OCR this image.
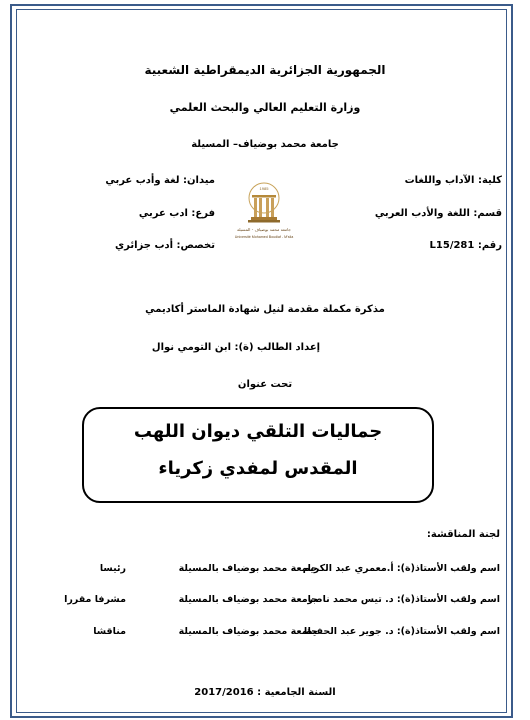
الجمهورية الجزائرية الديمقراطية الشعبية
وزارة التعليم العالي والبحث العلمي
جامعة محمد بوضياف– المسيلة
كلية: الآداب واللغات
قسم: اللغة والأدب العربي
رقم: L15/281
ميدان: لغة وأدب عربي
فرع: ادب عربي
تخصص: أدب جزائري
1985
جامعة محمد بوضياف - المسيلة
Université Mohamed Boudiaf - M'sila
مذكرة مكملة مقدمة لنيل شهادة الماستر أكاديمي
إعداد الطالب (ة): ابن التومي نوال
تحت عنوان
جماليات التلقي ديوان اللهب
المقدس لمفدي زكرياء
لجنة المناقشة:
اسم ولقب الأستاذ(ة): أ.معمري عبد الكريم
جامعة محمد بوضياف بالمسيلة
رئيسا
اسم ولقب الأستاذ(ة): د. تيس محمد ناصر
جامعة محمد بوضياف بالمسيلة
مشرفا مقررا
اسم ولقب الأستاذ(ة): د. جوير عبد الحفيظ
جامعة محمد بوضياف بالمسيلة
مناقشا
السنة الجامعية : 2017/2016
